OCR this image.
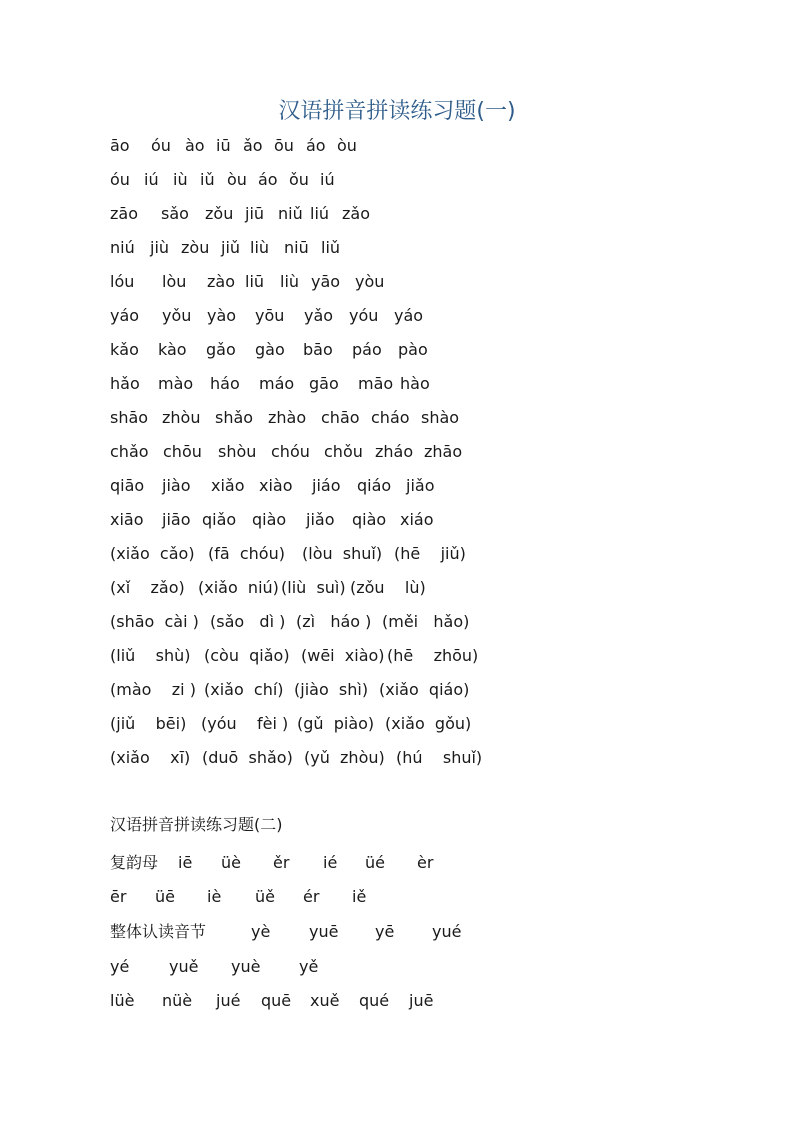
汉语拼音拼读练习题(一)
āo óu ào iū ǎo ōu áo òu
óu iú iù iǔ òu áo ǒu iú
zāo sǎo zǒu jiū niǔ liú zǎo
niú jiù zòu jiǔ liù niū liǔ
lóu lòu zào liū liù yāo yòu
yáo yǒu yào yōu yǎo yóu yáo
kǎo kào gǎo gào bāo páo pào
hǎo mào háo máo gāo māo hào
shāo zhòu shǎo zhào chāo cháo shào
chǎo chōu shòu chóu chǒu zháo zhāo
qiāo jiào xiǎo xiào jiáo qiáo jiǎo
xiāo jiāo qiǎo qiào jiǎo qiào xiáo
(xiǎo  cǎo) (fā  chóu) (lòu  shuǐ) (hē    jiǔ)
(xǐ    zǎo) (xiǎo  niú) (liù  suì) (zǒu    lù)
(shāo  cài ) (sǎo   dì ) (zì   háo ) (měi   hǎo)
(liǔ    shù) (còu  qiǎo) (wēi  xiào) (hē    zhōu)
(mào    zi ) (xiǎo  chí) (jiào  shì) (xiǎo  qiáo)
(jiǔ    bēi) (yóu    fèi ) (gǔ  piào) (xiǎo  gǒu)
(xiǎo    xī) (duō  shǎo) (yǔ  zhòu) (hú    shuǐ)
汉语拼音拼读练习题(二)
复韵母 iē üè ěr ié üé èr
ēr üē iè üě ér iě
整体认读音节	yè yuē yē yué
yé yuě yuè yě
lüè nüè jué quē xuě qué juē
